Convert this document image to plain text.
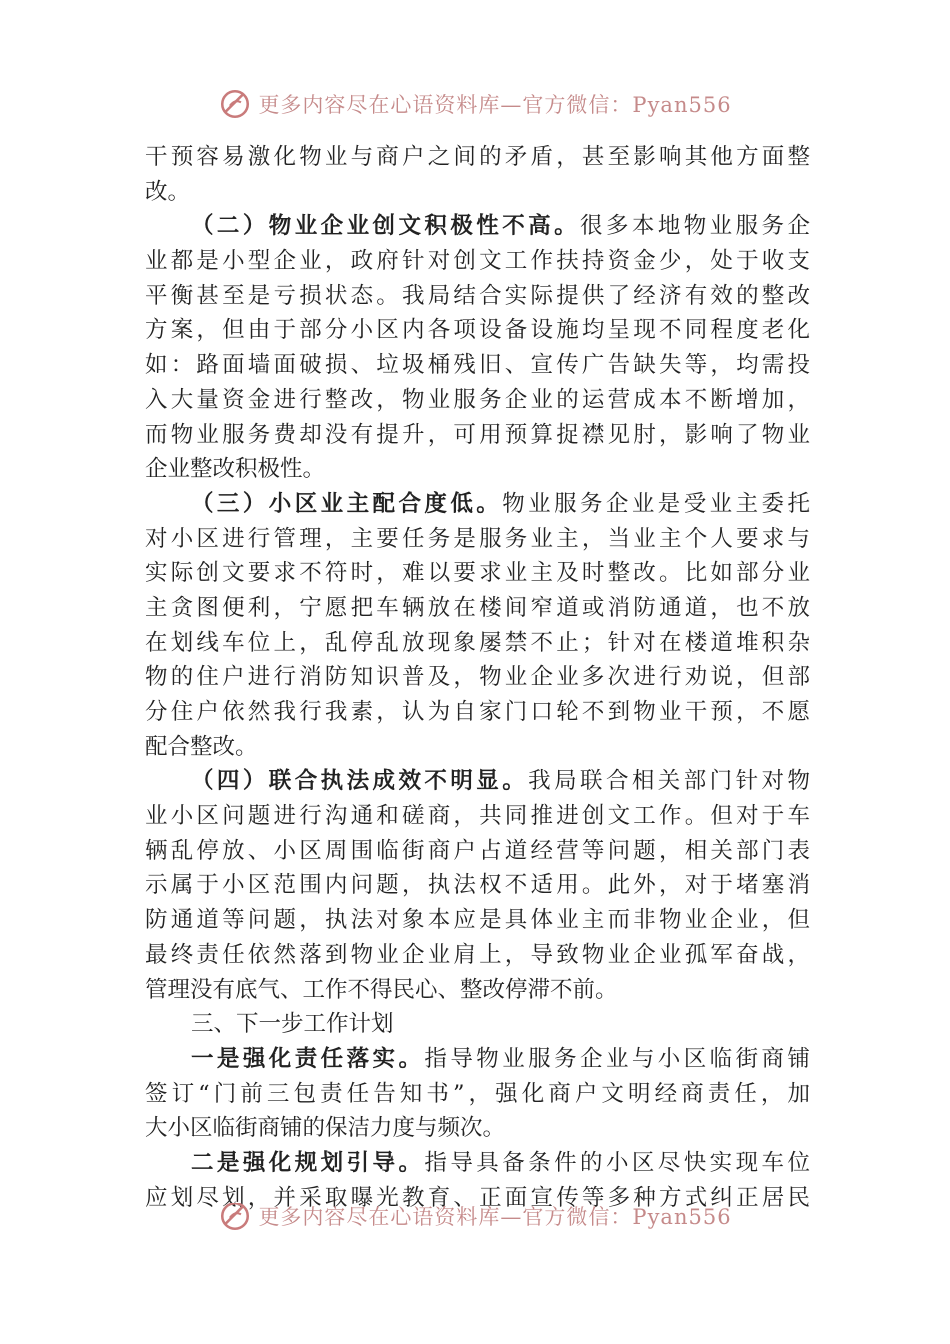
更多内容尽在心语资料库—官方微信：Pyan556
干预容易激化物业与商户之间的矛盾，甚至影响其他方面整
改。
（二）物业企业创文积极性不高。很多本地物业服务企
业都是小型企业，政府针对创文工作扶持资金少，处于收支
平衡甚至是亏损状态。我局结合实际提供了经济有效的整改
方案，但由于部分小区内各项设备设施均呈现不同程度老化
如：路面墙面破损、垃圾桶残旧、宣传广告缺失等，均需投
入大量资金进行整改，物业服务企业的运营成本不断增加，
而物业服务费却没有提升，可用预算捉襟见肘，影响了物业
企业整改积极性。
（三）小区业主配合度低。物业服务企业是受业主委托
对小区进行管理，主要任务是服务业主，当业主个人要求与
实际创文要求不符时，难以要求业主及时整改。比如部分业
主贪图便利，宁愿把车辆放在楼间窄道或消防通道，也不放
在划线车位上，乱停乱放现象屡禁不止；针对在楼道堆积杂
物的住户进行消防知识普及，物业企业多次进行劝说，但部
分住户依然我行我素，认为自家门口轮不到物业干预，不愿
配合整改。
（四）联合执法成效不明显。我局联合相关部门针对物
业小区问题进行沟通和磋商，共同推进创文工作。但对于车
辆乱停放、小区周围临街商户占道经营等问题，相关部门表
示属于小区范围内问题，执法权不适用。此外，对于堵塞消
防通道等问题，执法对象本应是具体业主而非物业企业，但
最终责任依然落到物业企业肩上，导致物业企业孤军奋战，
管理没有底气、工作不得民心、整改停滞不前。
三、下一步工作计划
一是强化责任落实。指导物业服务企业与小区临街商铺
签订“门前三包责任告知书”，强化商户文明经商责任，加
大小区临街商铺的保洁力度与频次。
二是强化规划引导。指导具备条件的小区尽快实现车位
应划尽划，并采取曝光教育、正面宣传等多种方式纠正居民
更多内容尽在心语资料库—官方微信：Pyan556
